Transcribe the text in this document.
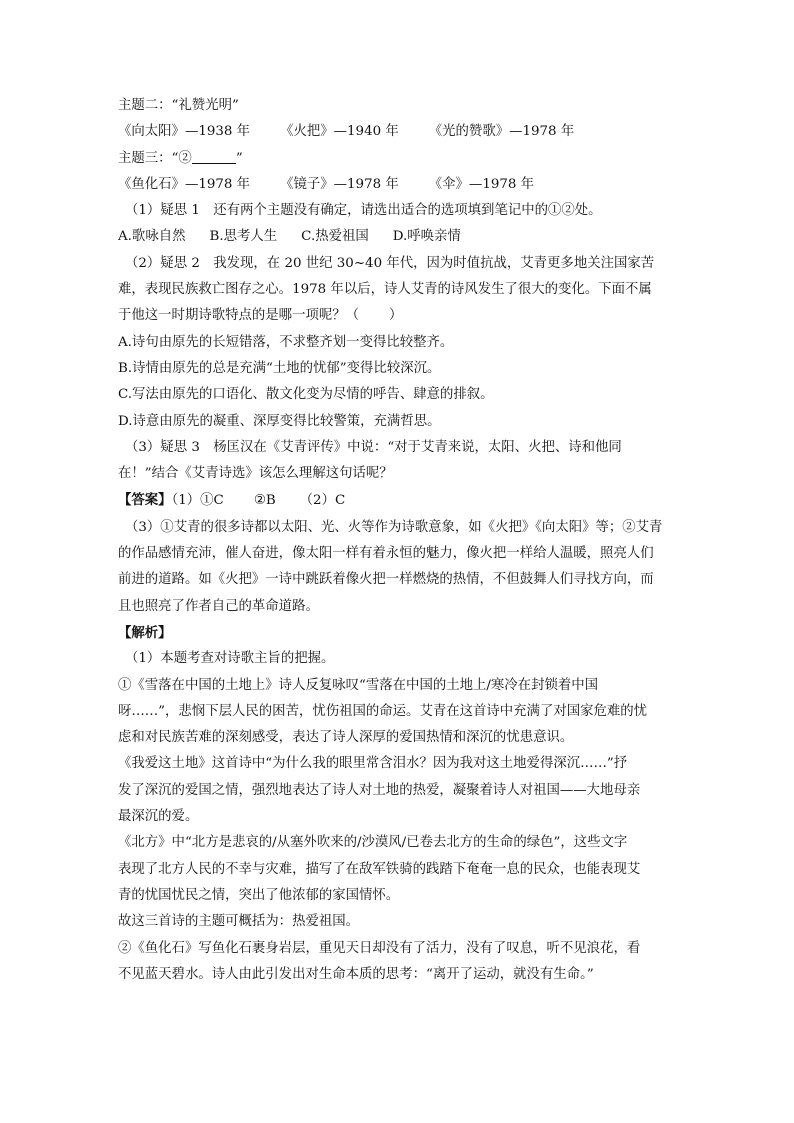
主题二：“礼赞光明”

《向太阳》—1938 年 《火把》—1940 年 《光的赞歌》—1978 年

主题三：“②	”

《鱼化石》—1978 年 《镜子》—1978 年 《伞》—1978 年

（1）疑思 1　还有两个主题没有确定，请选出适合的选项填到笔记中的①②处。

A.歌咏自然 B.思考人生 C.热爱祖国 D.呼唤亲情

（2）疑思 2　我发现，在 20 世纪 30~40 年代，因为时值抗战，艾青更多地关注国家苦

难，表现民族救亡图存之心。1978 年以后，诗人艾青的诗风发生了很大的变化。下面不属

于他这一时期诗歌特点的是哪一项呢？（ ）

A.诗句由原先的长短错落，不求整齐划一变得比较整齐。

B.诗情由原先的总是充满“土地的忧郁”变得比较深沉。

C.写法由原先的口语化、散文化变为尽情的呼告、肆意的排叙。

D.诗意由原先的凝重、深厚变得比较警策，充满哲思。

（3）疑思 3　杨匡汉在《艾青评传》中说：“对于艾青来说，太阳、火把、诗和他同

在！”结合《艾青诗选》该怎么理解这句话呢？

【答案】（1）①C ②B （2）C

（3）①艾青的很多诗都以太阳、光、火等作为诗歌意象，如《火把》《向太阳》等；②艾青

的作品感情充沛，催人奋进，像太阳一样有着永恒的魅力，像火把一样给人温暖，照亮人们

前进的道路。如《火把》一诗中跳跃着像火把一样燃烧的热情，不但鼓舞人们寻找方向，而

且也照亮了作者自己的革命道路。

【解析】

（1）本题考查对诗歌主旨的把握。

①《雪落在中国的土地上》诗人反复咏叹“雪落在中国的土地上/寒冷在封锁着中国

呀……”，悲悯下层人民的困苦，忧伤祖国的命运。艾青在这首诗中充满了对国家危难的忧

虑和对民族苦难的深刻感受，表达了诗人深厚的爱国热情和深沉的忧患意识。

《我爱这土地》这首诗中“为什么我的眼里常含泪水？因为我对这土地爱得深沉……”抒

发了深沉的爱国之情，强烈地表达了诗人对土地的热爱，凝聚着诗人对祖国——大地母亲

最深沉的爱。

《北方》中“北方是悲哀的/从塞外吹来的/沙漠风/已卷去北方的生命的绿色”，这些文字

表现了北方人民的不幸与灾难，描写了在敌军铁骑的践踏下奄奄一息的民众，也能表现艾

青的忧国忧民之情，突出了他浓郁的家国情怀。

故这三首诗的主题可概括为：热爱祖国。

②《鱼化石》写鱼化石裹身岩层，重见天日却没有了活力，没有了叹息，听不见浪花，看

不见蓝天碧水。诗人由此引发出对生命本质的思考：“离开了运动，就没有生命。”
